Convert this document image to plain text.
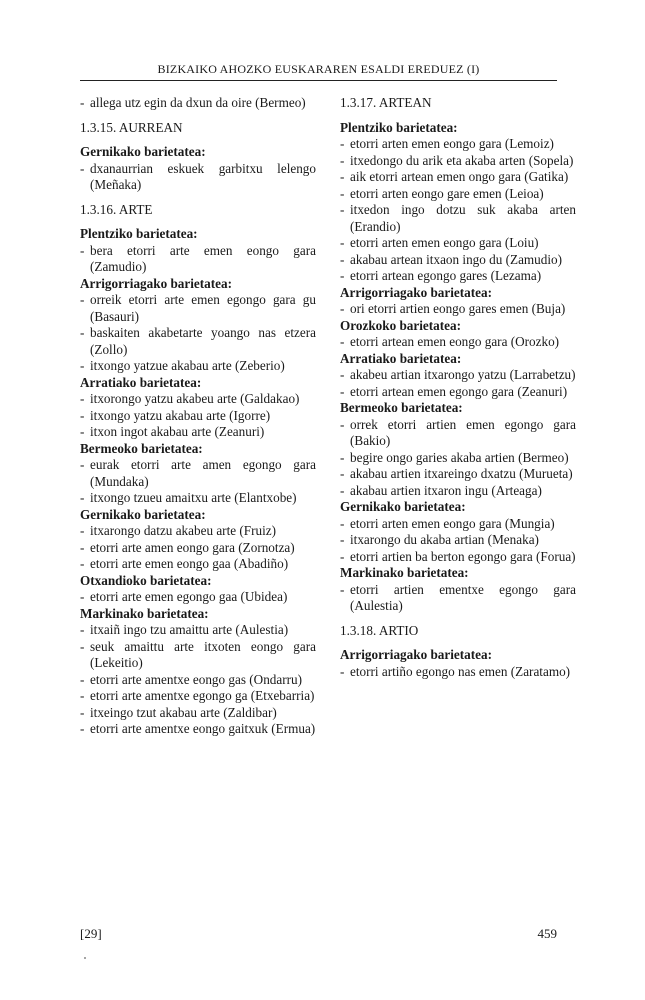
BIZKAIKO AHOZKO EUSKARAREN ESALDI EREDUEZ (I)
- allega utz egin da dxun da oire (Bermeo)
1.3.15. AURREAN
Gernikako barietatea:
- dxanaurrian eskuek garbitxu lelengo (Meñaka)
1.3.16. ARTE
Plentziko barietatea:
- bera etorri arte emen eongo gara (Zamudio)
Arrigorriagako barietatea:
- orreik etorri arte emen egongo gara gu (Basauri)
- baskaiten akabetarte yoango nas etzera (Zollo)
- itxongo yatzue akabau arte (Zeberio)
Arratiako barietatea:
- itxorongo yatzu akabeu arte (Galdakao)
- itxongo yatzu akabau arte (Igorre)
- itxon ingot akabau arte (Zeanuri)
Bermeoko barietatea:
- eurak etorri arte amen egongo gara (Mundaka)
- itxongo tzueu amaitxu arte (Elantxobe)
Gernikako barietatea:
- itxarongo datzu akabeu arte (Fruiz)
- etorri arte amen eongo gara (Zornotza)
- etorri arte emen eongo gaa (Abadiño)
Otxandioko barietatea:
- etorri arte emen egongo gaa (Ubidea)
Markinako barietatea:
- itxaiñ ingo tzu amaittu arte (Aulestia)
- seuk amaittu arte itxoten eongo gara (Lekeitio)
- etorri arte amentxe eongo gas (Ondarru)
- etorri arte amentxe egongo ga (Etxebarria)
- itxeingo tzut akabau arte (Zaldibar)
- etorri arte amentxe eongo gaitxuk (Ermua)
1.3.17. ARTEAN
Plentziko barietatea:
- etorri arten emen eongo gara (Lemoiz)
- itxedongo du arik eta akaba arten (Sopela)
- aik etorri artean emen ongo gara (Gatika)
- etorri arten eongo gare emen (Leioa)
- itxedon ingo dotzu suk akaba arten (Erandio)
- etorri arten emen eongo gara (Loiu)
- akabau artean itxaon ingo du (Zamudio)
- etorri artean egongo gares (Lezama)
Arrigorriagako barietatea:
- ori etorri artien eongo gares emen (Buja)
Orozkoko barietatea:
- etorri artean emen eongo gara (Orozko)
Arratiako barietatea:
- akabeu artian itxarongo yatzu (Larrabetzu)
- etorri artean emen egongo gara (Zeanuri)
Bermeoko barietatea:
- orrek etorri artien emen egongo gara (Bakio)
- begire ongo garies akaba artien (Bermeo)
- akabau artien itxareingo dxatzu (Murueta)
- akabau artien itxaron ingu (Arteaga)
Gernikako barietatea:
- etorri arten emen eongo gara (Mungia)
- itxarongo du akaba artian (Menaka)
- etorri artien ba berton egongo gara (Forua)
Markinako barietatea:
- etorri artien ementxe egongo gara (Aulestia)
1.3.18. ARTIO
Arrigorriagako barietatea:
- etorri artiño egongo nas emen (Zaratamo)
[29]	459
